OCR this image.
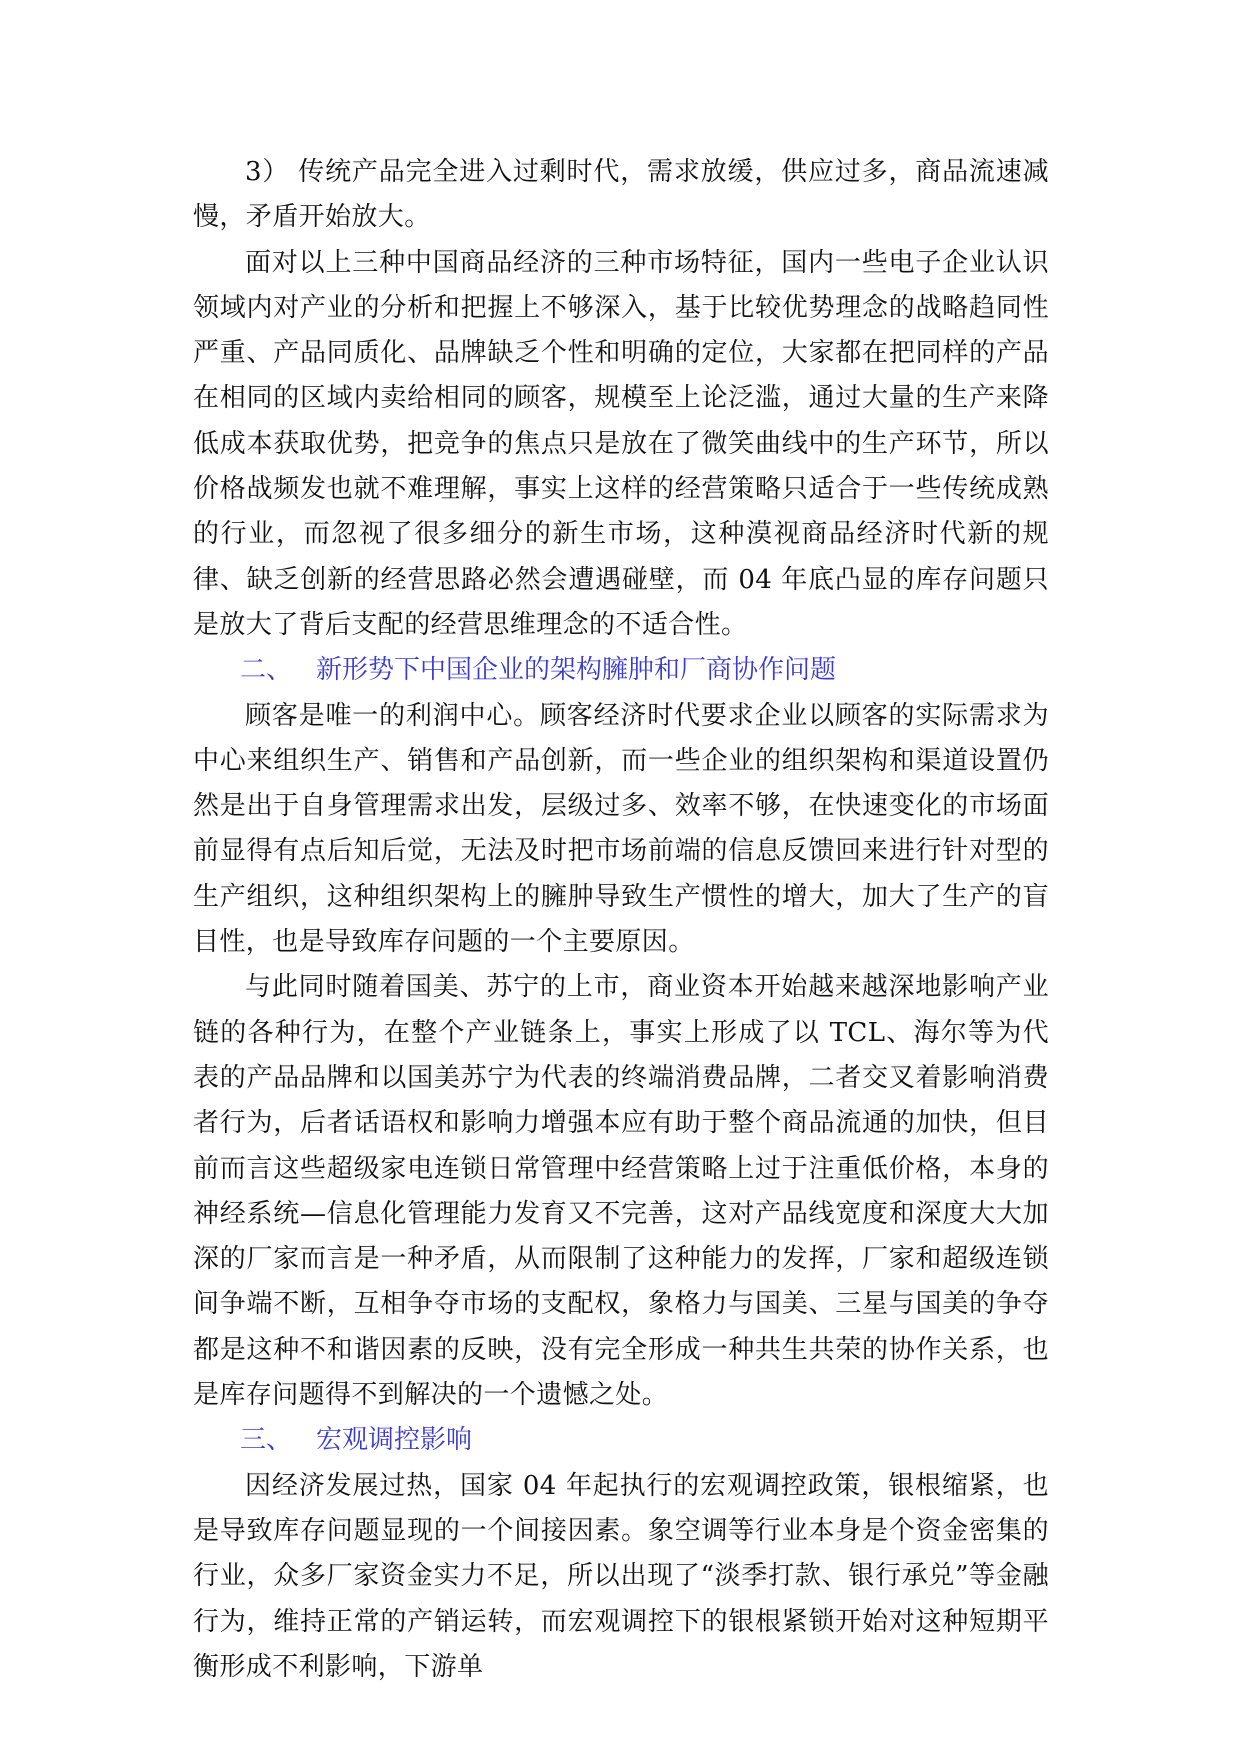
3） 传统产品完全进入过剩时代，需求放缓，供应过多，商品流速减慢，矛盾开始放大。

面对以上三种中国商品经济的三种市场特征，国内一些电子企业认识领域内对产业的分析和把握上不够深入，基于比较优势理念的战略趋同性严重、产品同质化、品牌缺乏个性和明确的定位，大家都在把同样的产品在相同的区域内卖给相同的顾客，规模至上论泛滥，通过大量的生产来降低成本获取优势，把竞争的焦点只是放在了微笑曲线中的生产环节，所以价格战频发也就不难理解，事实上这样的经营策略只适合于一些传统成熟的行业，而忽视了很多细分的新生市场，这种漠视商品经济时代新的规律、缺乏创新的经营思路必然会遭遇碰壁，而 04 年底凸显的库存问题只是放大了背后支配的经营思维理念的不适合性。

二、 新形势下中国企业的架构臃肿和厂商协作问题

顾客是唯一的利润中心。顾客经济时代要求企业以顾客的实际需求为中心来组织生产、销售和产品创新，而一些企业的组织架构和渠道设置仍然是出于自身管理需求出发，层级过多、效率不够，在快速变化的市场面前显得有点后知后觉，无法及时把市场前端的信息反馈回来进行针对型的生产组织，这种组织架构上的臃肿导致生产惯性的增大，加大了生产的盲目性，也是导致库存问题的一个主要原因。

与此同时随着国美、苏宁的上市，商业资本开始越来越深地影响产业链的各种行为，在整个产业链条上，事实上形成了以 TCL、海尔等为代表的产品品牌和以国美苏宁为代表的终端消费品牌，二者交叉着影响消费者行为，后者话语权和影响力增强本应有助于整个商品流通的加快，但目前而言这些超级家电连锁日常管理中经营策略上过于注重低价格，本身的神经系统—信息化管理能力发育又不完善，这对产品线宽度和深度大大加深的厂家而言是一种矛盾，从而限制了这种能力的发挥，厂家和超级连锁间争端不断，互相争夺市场的支配权，象格力与国美、三星与国美的争夺都是这种不和谐因素的反映，没有完全形成一种共生共荣的协作关系，也是库存问题得不到解决的一个遗憾之处。

三、 宏观调控影响

因经济发展过热，国家 04 年起执行的宏观调控政策，银根缩紧，也是导致库存问题显现的一个间接因素。象空调等行业本身是个资金密集的行业，众多厂家资金实力不足，所以出现了“淡季打款、银行承兑”等金融行为，维持正常的产销运转，而宏观调控下的银根紧锁开始对这种短期平衡形成不利影响，下游单
